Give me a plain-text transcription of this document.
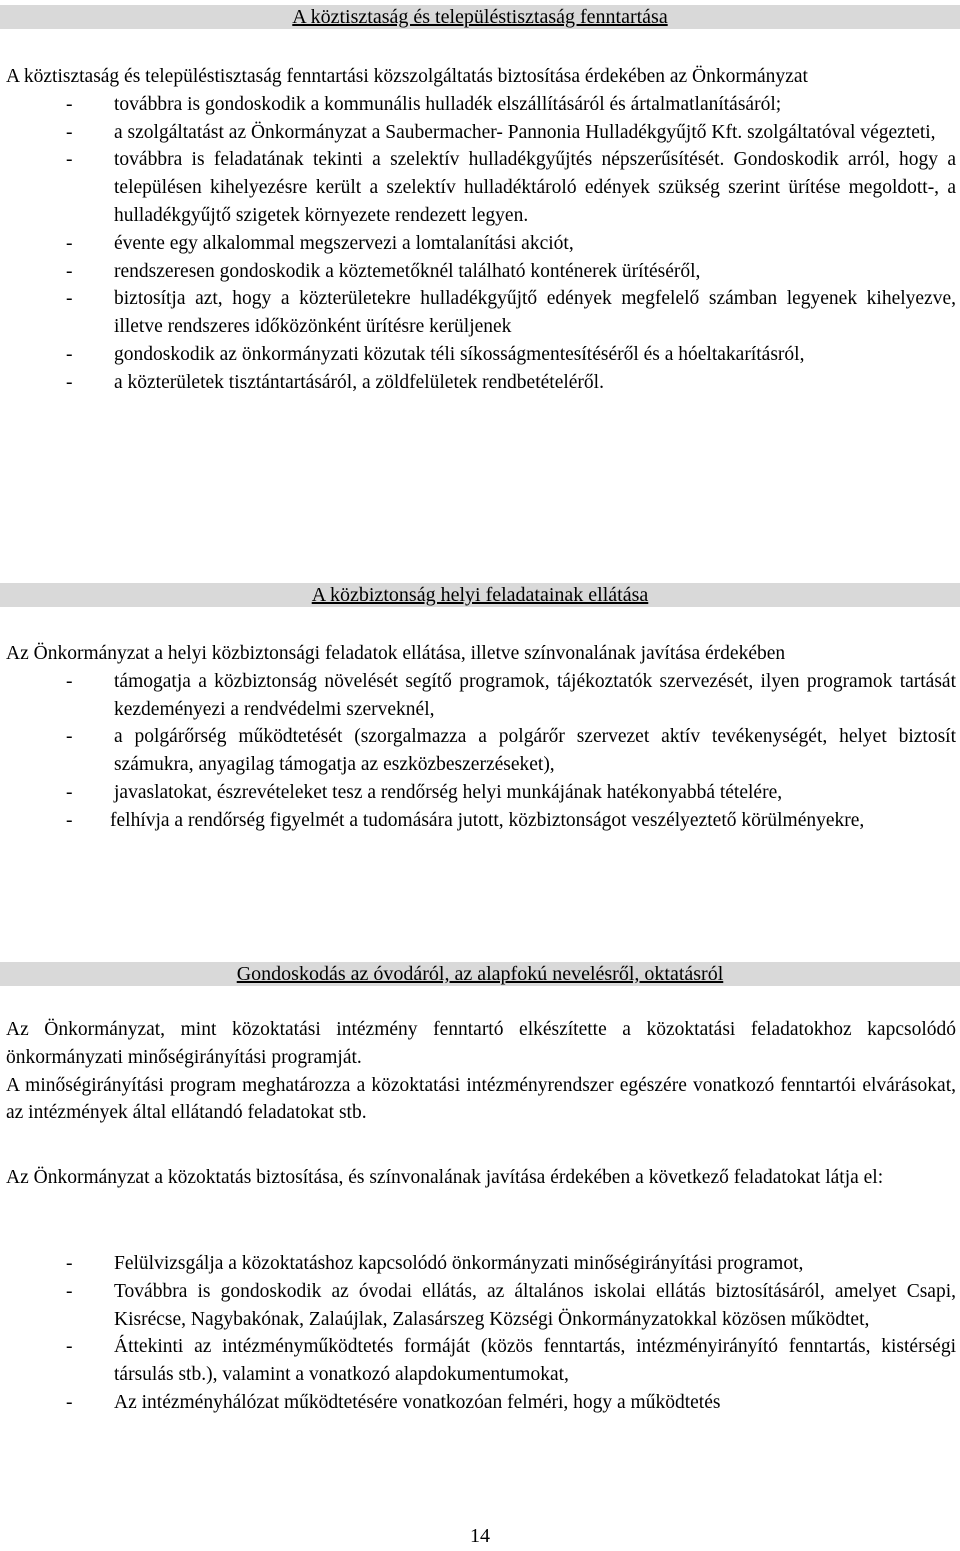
A köztisztaság és településtisztaság fenntartása

A köztisztaság és településtisztaság fenntartási közszolgáltatás biztosítása érdekében az Önkormányzat

- továbbra is gondoskodik a kommunális hulladék elszállításáról és ártalmatlanításáról;

- a szolgáltatást az Önkormányzat a Saubermacher- Pannonia Hulladékgyűjtő Kft. szolgáltatóval végezteti,

- továbbra is feladatának tekinti a szelektív hulladékgyűjtés népszerűsítését. Gondoskodik arról, hogy a településen kihelyezésre került a szelektív hulladéktároló edények szükség szerint ürítése megoldott-, a hulladékgyűjtő szigetek környezete rendezett legyen.

- évente egy alkalommal megszervezi a lomtalanítási akciót,

- rendszeresen gondoskodik a köztemetőknél található konténerek ürítéséről,

- biztosítja azt, hogy a közterületekre hulladékgyűjtő edények megfelelő számban legyenek kihelyezve, illetve rendszeres időközönként ürítésre kerüljenek

- gondoskodik az önkormányzati közutak téli síkosságmentesítéséről és a hóeltakarításról,

- a közterületek tisztántartásáról, a zöldfelületek rendbetételéről.

A közbiztonság helyi feladatainak ellátása

Az Önkormányzat a helyi közbiztonsági feladatok ellátása, illetve színvonalának javítása érdekében

- támogatja a közbiztonság növelését segítő programok, tájékoztatók szervezését, ilyen programok tartását kezdeményezi a rendvédelmi szerveknél,

- a polgárőrség működtetését (szorgalmazza a polgárőr szervezet aktív tevékenységét, helyet biztosít számukra, anyagilag támogatja az eszközbeszerzéseket),

- javaslatokat, észrevételeket tesz a rendőrség helyi munkájának hatékonyabbá tételére,

- felhívja a rendőrség figyelmét a tudomására jutott, közbiztonságot veszélyeztető körülményekre,

Gondoskodás az óvodáról, az alapfokú nevelésről, oktatásról

Az Önkormányzat, mint közoktatási intézmény fenntartó elkészítette a közoktatási feladatokhoz kapcsolódó önkormányzati minőségirányítási programját.

A minőségirányítási program meghatározza a közoktatási intézményrendszer egészére vonatkozó fenntartói elvárásokat, az intézmények által ellátandó feladatokat stb.

Az Önkormányzat a közoktatás biztosítása, és színvonalának javítása érdekében a következő feladatokat látja el:

- Felülvizsgálja a közoktatáshoz kapcsolódó önkormányzati minőségirányítási programot,

- Továbbra is gondoskodik az óvodai ellátás, az általános iskolai ellátás biztosításáról, amelyet Csapi, Kisrécse, Nagybakónak, Zalaújlak, Zalasárszeg Községi Önkormányzatokkal közösen működtet,

- Áttekinti az intézményműködtetés formáját (közös fenntartás, intézményirányító fenntartás, kistérségi társulás stb.), valamint a vonatkozó alapdokumentumokat,

- Az intézményhálózat működtetésére vonatkozóan felméri, hogy a működtetés

14
